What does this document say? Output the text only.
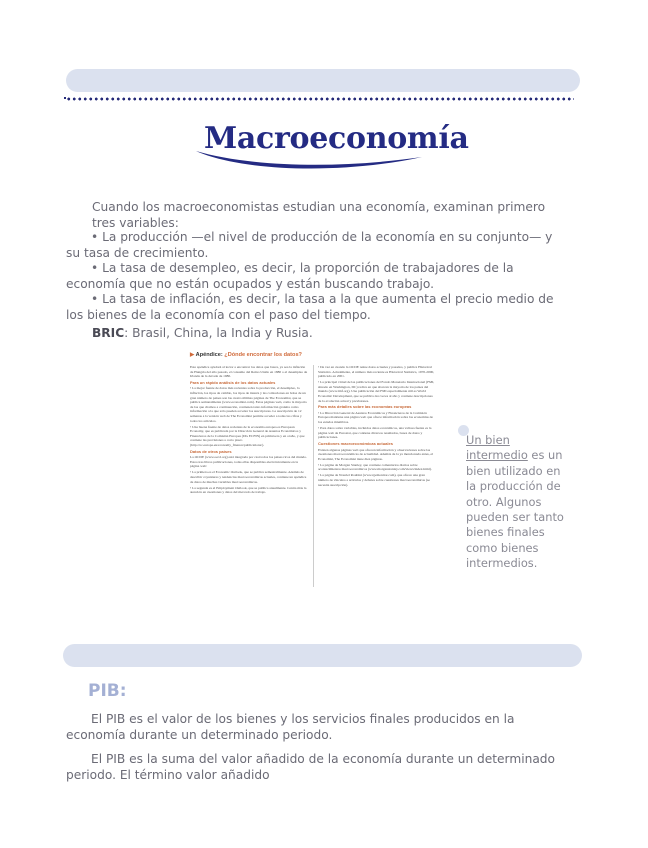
Macroeconomía

Cuando los macroeconomistas estudian una economía, examinan primero tres variables:

• La producción —el nivel de producción de la economía en su conjunto— y su tasa de crecimiento.

• La tasa de desempleo, es decir, la proporción de trabajadores de la economía que no están ocupados y están buscando trabajo.

• La tasa de inflación, es decir, la tasa a la que aumenta el precio medio de los bienes de la economía con el paso del tiempo.

BRIC: Brasil, China, la India y Rusia.

▶ Apéndice: ¿Dónde encontrar los datos?

Este apéndice ayudará al lector a encontrar los datos que busca, ya sea la inflación de Hungría del año pasado, el consumo del Reino Unido en 1880 o el desempleo de Irlanda de la década de 1980.

Para un rápido análisis de los datos actuales

• La mejor fuente de datos más recientes sobre la producción, el desempleo, la inflación, los tipos de cambio, los tipos de interés y las cotizaciones en bolsa de un gran número de países son las cuatro últimas páginas de The Economist, que se publica semanalmente (www.economist.com). Estas páginas web, como la mayoría de las que citamos a continuación, contienen tanto información gratuita como información a la que sólo pueden acceder los suscriptores. La suscripción de 12 semanas a la versión web de The Economist permite acceder a todas las cifras y todos los artículos.

• Una buena fuente de datos recientes de la economía europea es European Economy, que es publicada por la Dirección General de Asuntos Económicos y Financieros de la Comisión Europea (DG ECFIN) en primavera y en otoño, y que contiene las previsiones a corto plazo (http://ec.europa.eu/economy_finance/publications/).

Datos de otros países

La OCDE (www.oecd.org) está integrada por casi todos los países ricos del mundo. Estos tres libros publicaciones, todas ellas disponibles electrónicamente en la página web:

• La primera es el Economic Outlook, que se publica semestralmente. Además de describir coyunturas y tendencias macroeconómicas actuales, contiene un apéndice de datos de muchas variables macroeconómicas.

• La segunda es el Employment Outlook, que se publica anualmente. Centra más la atención en cuestiones y datos del mercado de trabajo.

• De vez en cuando la OCDE reúne datos actuales y pasados, y publica Historical Statistics. Actualmente, el número más reciente es Historical Statistics, 1970-2000, publicado en 2001.

• La principal virtud de las publicaciones del Fondo Monetario Internacional (FMI, situado en Washington, DC) radica en que abarcan la mayoría de los países del mundo (www.imf.org). Una publicación del FMI especialmente útil es World Economic Development, que se publica dos veces al año y contiene descripciones de la evolución actual y previsiones.

Para más detalles sobre las economías europeas

• La Dirección General de Asuntos Económicos y Financieros de la Comisión Europea mantiene una página web que ofrece información sobre las economías de los estados miembros.

• Para datos sobre variables, incluidos datos económicos, una valiosa fuente es la página web de Eurostat, que contiene diversos resultados, bases de datos y publicaciones.

Cuestiones macroeconómicas actuales

Existen algunas páginas web que ofrecen información y observaciones sobre las cuestiones macroeconómicas de actualidad. Además de la ya mencionada antes, el Economist, The Economist tiene diez páginas.

• La página de Morgan Stanley, que contiene comentarios diarios sobre acontecimientos macroeconómicos (www.morganstanley.com/views/index.html).

• La página de Nouriel Roubini (www.rgemonitor.com), que ofrece una gran número de vínculos a artículos y debates sobre cuestiones macroeconómicas (se necesita suscripción).

Un bien intermedio es un bien utilizado en la producción de otro. Algunos pueden ser tanto bienes finales como bienes intermedios.

PIB:

El PIB es el valor de los bienes y los servicios finales producidos en la economía durante un determinado periodo.

El PIB es la suma del valor añadido de la economía durante un determinado periodo. El término valor añadido
